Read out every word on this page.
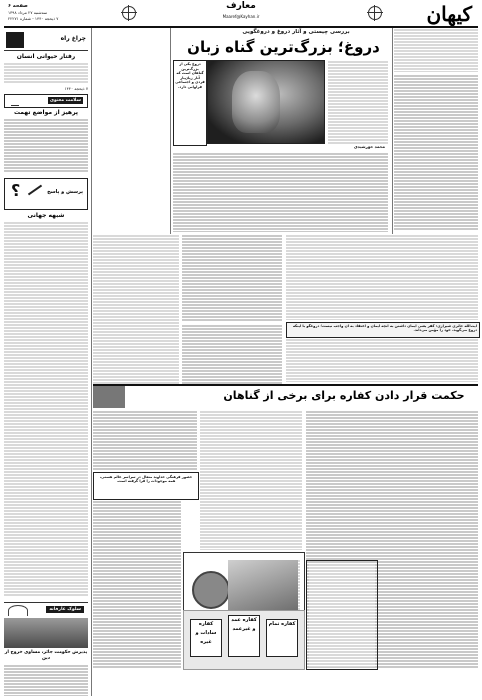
کیهان
معارف
Maaref@Kayhan.ir
صفحه ۶
سه‌شنبه ۲۷ مرداد ۱۳۹۸
۷ ذیحجه ۱۴۴۰ - شماره ۲۲۲۷۱
بررسی چیستی و آثار دروغ و دروغگویی
دروغ؛ بزرگ‌ترین گناه زبان
محمد خورشیدی
دروغ یکی از بزرگ‌ترین گناهان است که آثار زیان‌بار فردی و اجتماعی فراوانی دارد.
چراغ راه
رفتار حیوانی انسان
۷ ذیحجه ۱۴۴۰
سلامت معنوی
پرهیز از مواضع تهمت
؟	پرسش و پاسخ
شبهه جهانی
سلوک عارفانه
پذیرش حکومت جائر، مساوی خروج از دین
آیت‌الله حائری شیرازی: کفر یعنی ایمان داشتن به آنچه ایمان و اعتقاد به آن واجب نیست؛ دروغگو با اینکه دروغ می‌گوید، خود را مؤمن می‌داند.
حکمت قرار دادن کفاره برای برخی از گناهان
حضور فرهنگی خداوند متعال در سراسر عالم هستی، همه موجودات را فرا گرفته است.
کفاره تمام
کفاره عمد و غیرعمد
کفاره سادات و غیره
